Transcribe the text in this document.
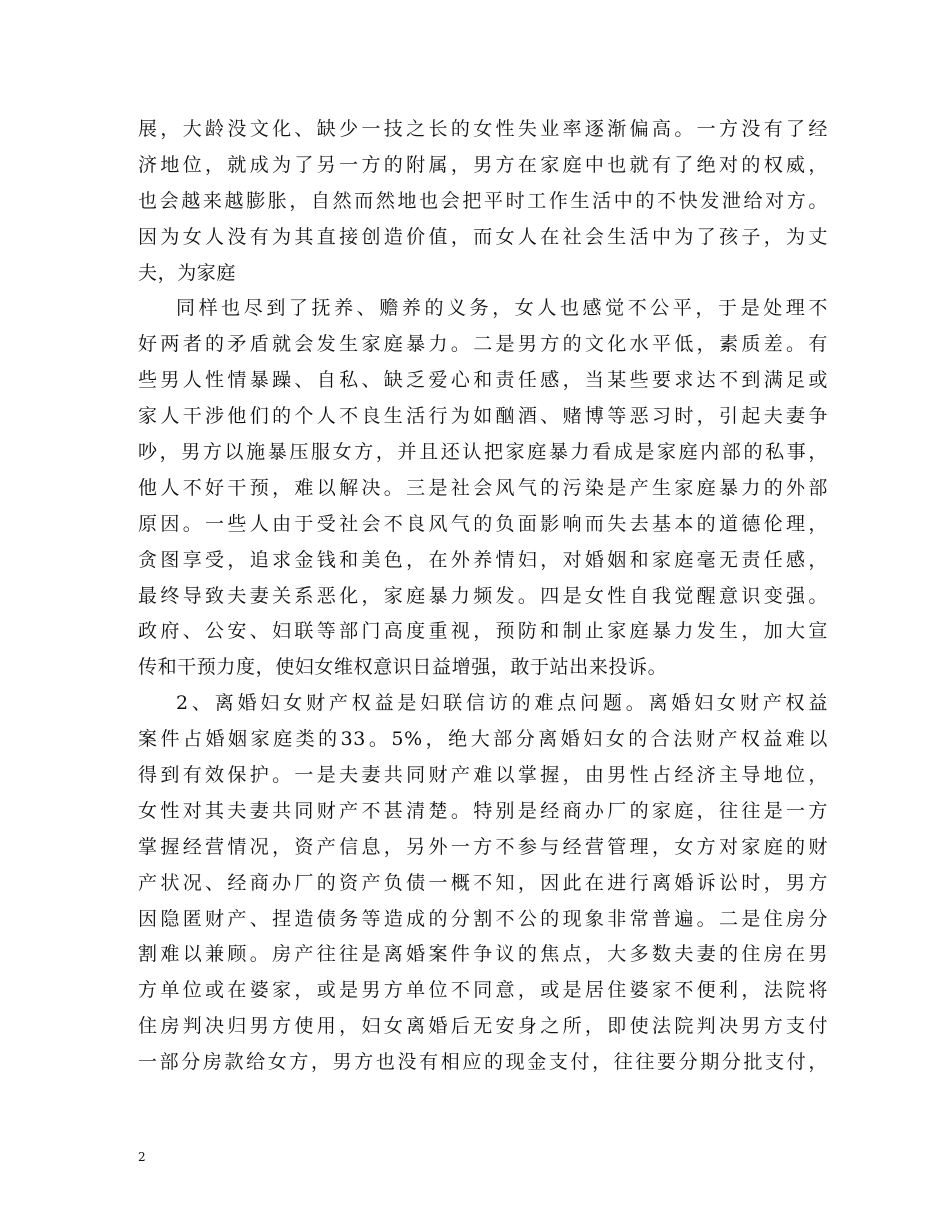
展，大龄没文化、缺少一技之长的女性失业率逐渐偏高。一方没有了经
济地位，就成为了另一方的附属，男方在家庭中也就有了绝对的权威，
也会越来越膨胀，自然而然地也会把平时工作生活中的不快发泄给对方。
因为女人没有为其直接创造价值，而女人在社会生活中为了孩子，为丈
夫，为家庭
同样也尽到了抚养、赡养的义务，女人也感觉不公平，于是处理不
好两者的矛盾就会发生家庭暴力。二是男方的文化水平低，素质差。有
些男人性情暴躁、自私、缺乏爱心和责任感，当某些要求达不到满足或
家人干涉他们的个人不良生活行为如酗酒、赌博等恶习时，引起夫妻争
吵，男方以施暴压服女方，并且还认把家庭暴力看成是家庭内部的私事，
他人不好干预，难以解决。三是社会风气的污染是产生家庭暴力的外部
原因。一些人由于受社会不良风气的负面影响而失去基本的道德伦理，
贪图享受，追求金钱和美色，在外养情妇，对婚姻和家庭毫无责任感，
最终导致夫妻关系恶化，家庭暴力频发。四是女性自我觉醒意识变强。
政府、公安、妇联等部门高度重视，预防和制止家庭暴力发生，加大宣
传和干预力度，使妇女维权意识日益增强，敢于站出来投诉。
2、离婚妇女财产权益是妇联信访的难点问题。离婚妇女财产权益
案件占婚姻家庭类的33。5%，绝大部分离婚妇女的合法财产权益难以
得到有效保护。一是夫妻共同财产难以掌握，由男性占经济主导地位，
女性对其夫妻共同财产不甚清楚。特别是经商办厂的家庭，往往是一方
掌握经营情况，资产信息，另外一方不参与经营管理，女方对家庭的财
产状况、经商办厂的资产负债一概不知，因此在进行离婚诉讼时，男方
因隐匿财产、捏造债务等造成的分割不公的现象非常普遍。二是住房分
割难以兼顾。房产往往是离婚案件争议的焦点，大多数夫妻的住房在男
方单位或在婆家，或是男方单位不同意，或是居住婆家不便利，法院将
住房判决归男方使用，妇女离婚后无安身之所，即使法院判决男方支付
一部分房款给女方，男方也没有相应的现金支付，往往要分期分批支付，
2
